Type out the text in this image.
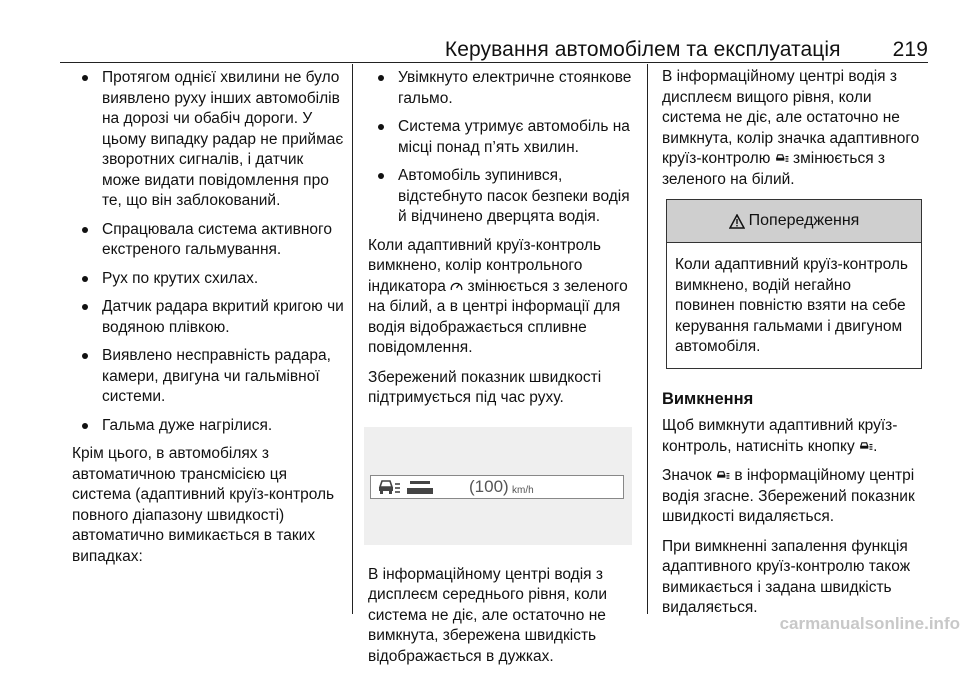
Керування автомобілем та експлуатація 219
Протягом однієї хвилини не було виявлено руху інших автомобілів на дорозі чи обабіч дороги. У цьому випадку радар не приймає зворотних сигналів, і датчик може видати повідомлення про те, що він заблокований.
Спрацювала система активного екстреного гальмування.
Рух по крутих схилах.
Датчик радара вкритий кригою чи водяною плівкою.
Виявлено несправність радара, камери, двигуна чи гальмівної системи.
Гальма дуже нагрілися.

Крім цього, в автомобілях з автоматичною трансмісією ця система (адаптивний круїз-контроль повного діапазону швидкості) автоматично вимикається в таких випадках:

Увімкнуто електричне стоянкове гальмо.
Система утримує автомобіль на місці понад п’ять хвилин.
Автомобіль зупинився, відстебнуто пасок безпеки водія й відчинено дверцята водія.

Коли адаптивний круїз-контроль вимкнено, колір контрольного індикатора змінюється з зеленого на білий, а в центрі інформації для водія відображається спливне повідомлення.

Збережений показник швидкості підтримується під час руху.

(100) km/h

В інформаційному центрі водія з дисплеєм середнього рівня, коли система не діє, але остаточно не вимкнута, збережена швидкість відображається в дужках.

В інформаційному центрі водія з дисплеєм вищого рівня, коли система не діє, але остаточно не вимкнута, колір значка адаптивного круїз-контролю змінюється з зеленого на білий.

Попередження
Коли адаптивний круїз-контроль вимкнено, водій негайно повинен повністю взяти на себе керування гальмами і двигуном автомобіля.
Вимкнення

Щоб вимкнути адаптивний круїз-контроль, натисніть кнопку .

Значок в інформаційному центрі водія згасне. Збережений показник швидкості видаляється.

При вимкненні запалення функція адаптивного круїз-контролю також вимикається і задана швидкість видаляється.

carmanualsonline.info
